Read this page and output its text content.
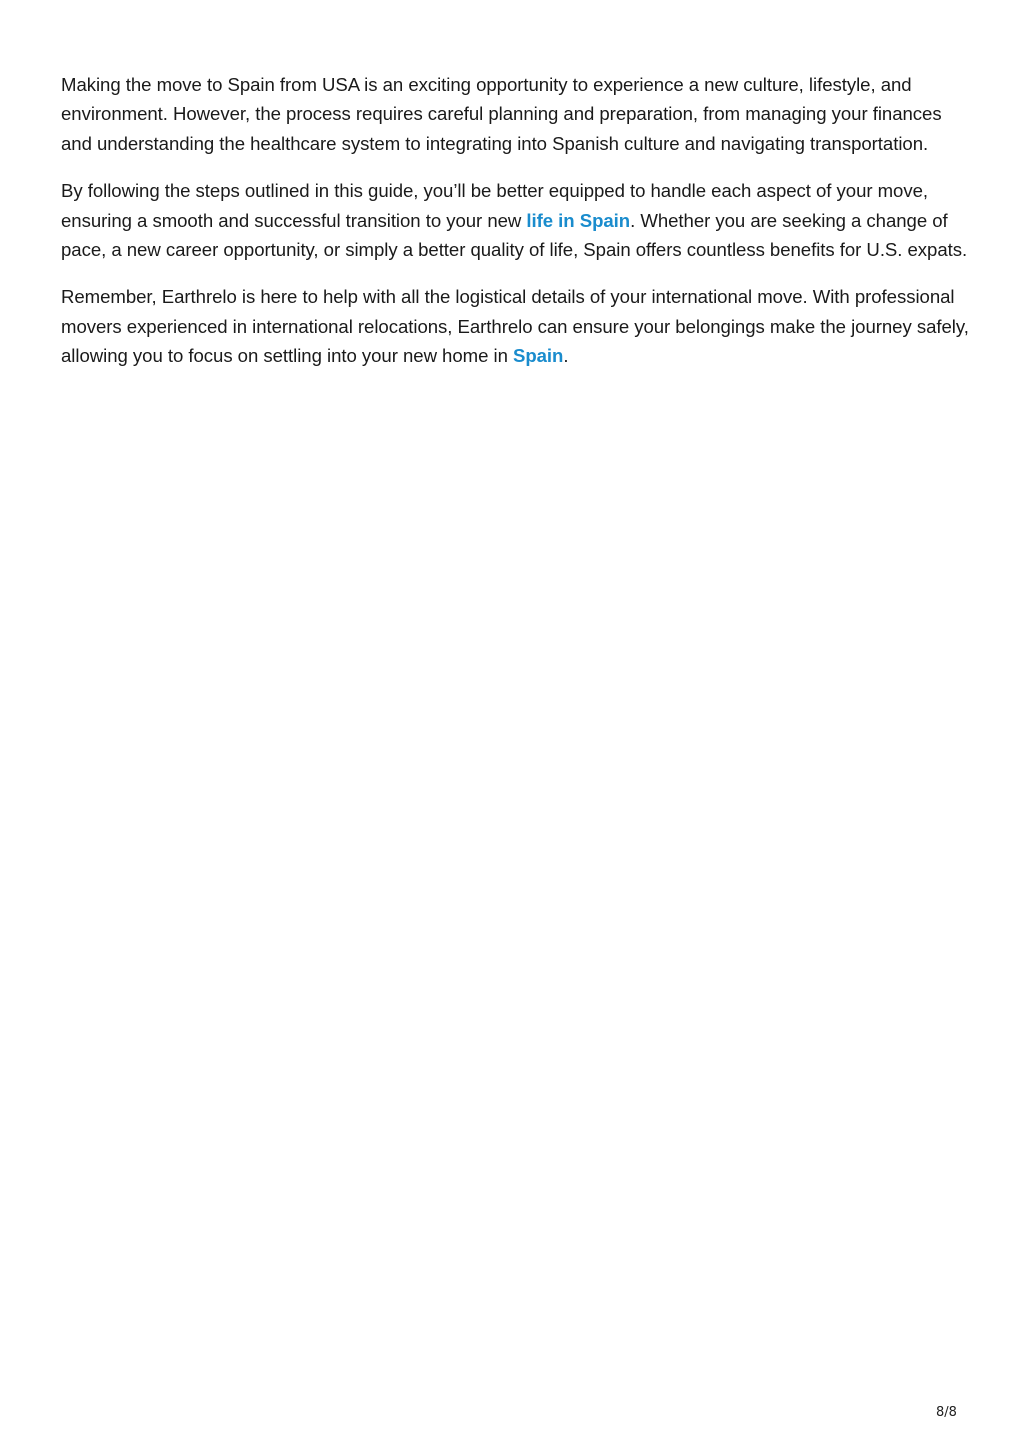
Making the move to Spain from USA is an exciting opportunity to experience a new culture, lifestyle, and environment. However, the process requires careful planning and preparation, from managing your finances and understanding the healthcare system to integrating into Spanish culture and navigating transportation.

By following the steps outlined in this guide, you’ll be better equipped to handle each aspect of your move, ensuring a smooth and successful transition to your new life in Spain. Whether you are seeking a change of pace, a new career opportunity, or simply a better quality of life, Spain offers countless benefits for U.S. expats.

Remember, Earthrelo is here to help with all the logistical details of your international move. With professional movers experienced in international relocations, Earthrelo can ensure your belongings make the journey safely, allowing you to focus on settling into your new home in Spain.

8/8
